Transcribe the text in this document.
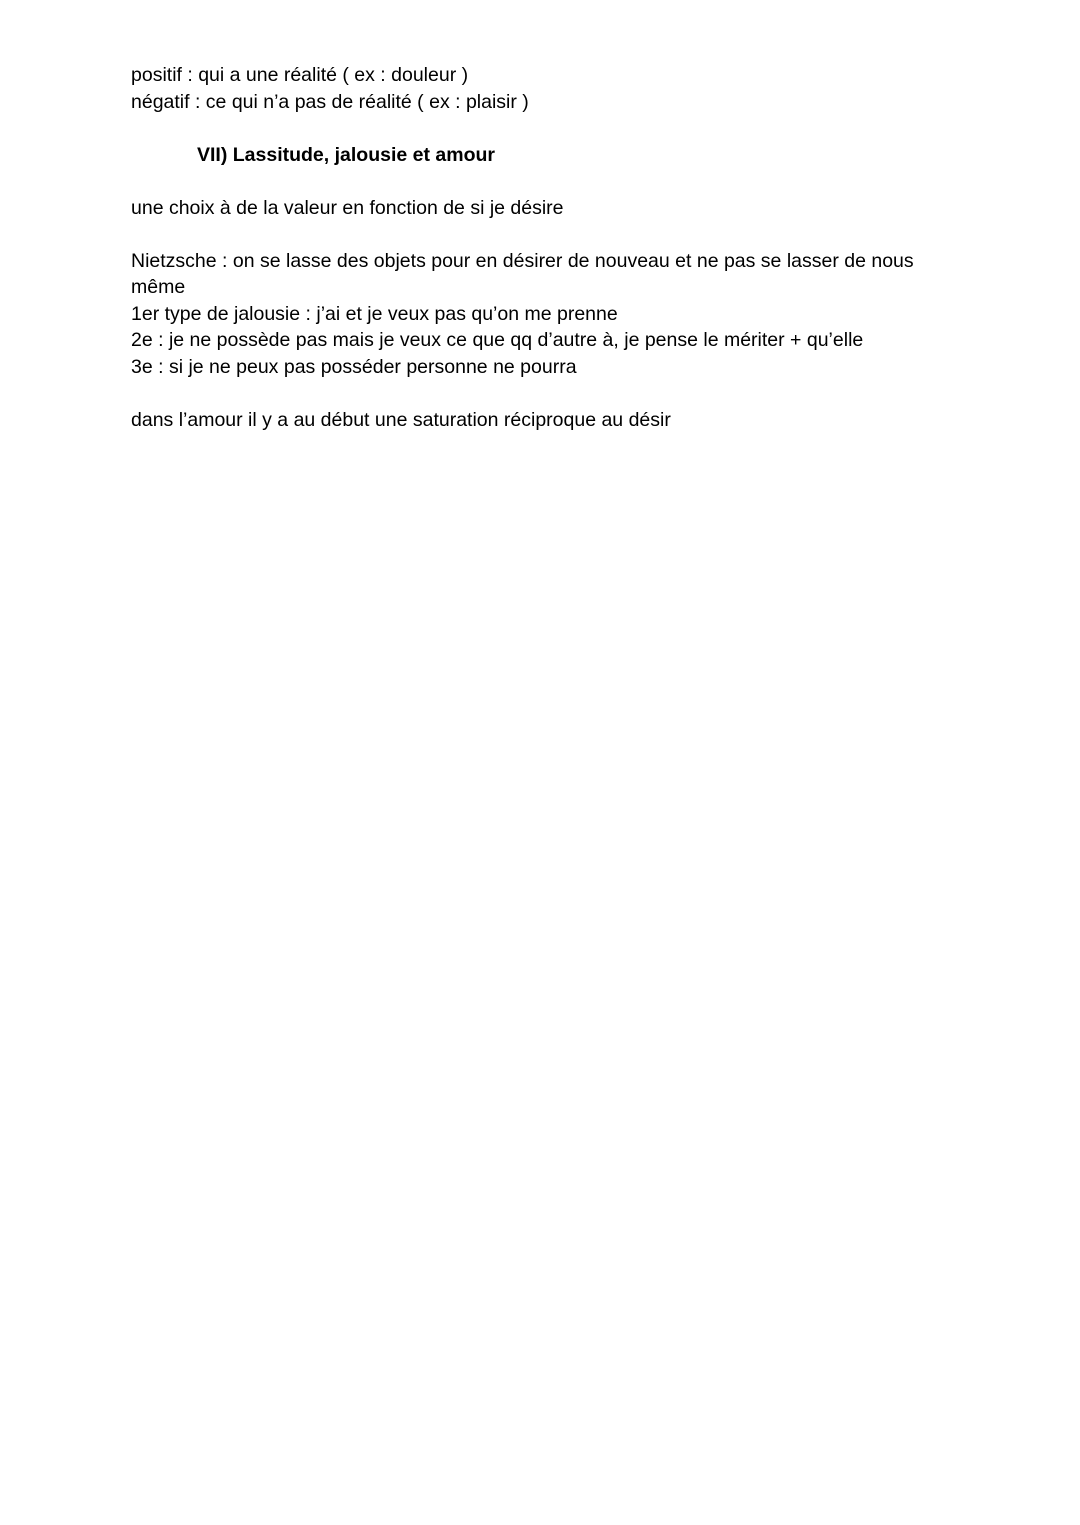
positif : qui a une réalité ( ex : douleur )
négatif : ce qui n’a pas de réalité ( ex : plaisir )
VII) Lassitude, jalousie et amour
une choix à de la valeur en fonction de si je désire
Nietzsche : on se lasse des objets pour en désirer de nouveau et ne pas se lasser de nous même
1er type de jalousie : j’ai et je veux pas qu’on me prenne
2e : je ne possède pas mais je veux ce que qq d’autre à, je pense le mériter + qu’elle
3e : si je ne peux pas posséder personne ne pourra
dans l’amour il y a au début une saturation réciproque au désir
